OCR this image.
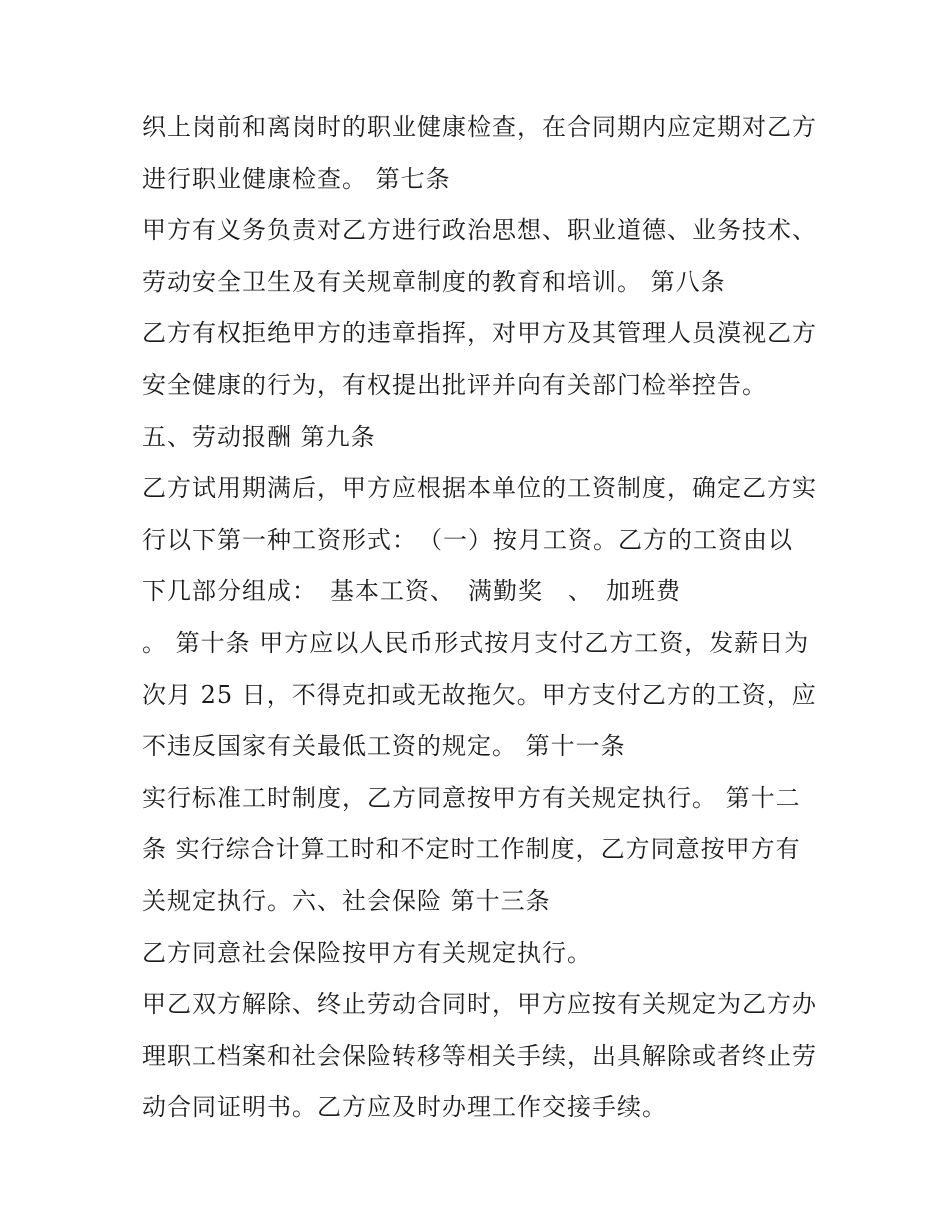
织上岗前和离岗时的职业健康检查，在合同期内应定期对乙方
进行职业健康检查。 第七条
甲方有义务负责对乙方进行政治思想、职业道德、业务技术、
劳动安全卫生及有关规章制度的教育和培训。 第八条
乙方有权拒绝甲方的违章指挥，对甲方及其管理人员漠视乙方
安全健康的行为，有权提出批评并向有关部门检举控告。
五、劳动报酬 第九条
乙方试用期满后，甲方应根据本单位的工资制度，确定乙方实
行以下第一种工资形式：　（一）按月工资。乙方的工资由以
下几部分组成：　基本工资、　满勤奖　、　加班费
。 第十条 甲方应以人民币形式按月支付乙方工资，发薪日为
次月 25 日，不得克扣或无故拖欠。甲方支付乙方的工资，应
不违反国家有关最低工资的规定。 第十一条
实行标准工时制度，乙方同意按甲方有关规定执行。 第十二
条 实行综合计算工时和不定时工作制度，乙方同意按甲方有
关规定执行。六、社会保险 第十三条
乙方同意社会保险按甲方有关规定执行。
甲乙双方解除、终止劳动合同时，甲方应按有关规定为乙方办
理职工档案和社会保险转移等相关手续，出具解除或者终止劳
动合同证明书。乙方应及时办理工作交接手续。
